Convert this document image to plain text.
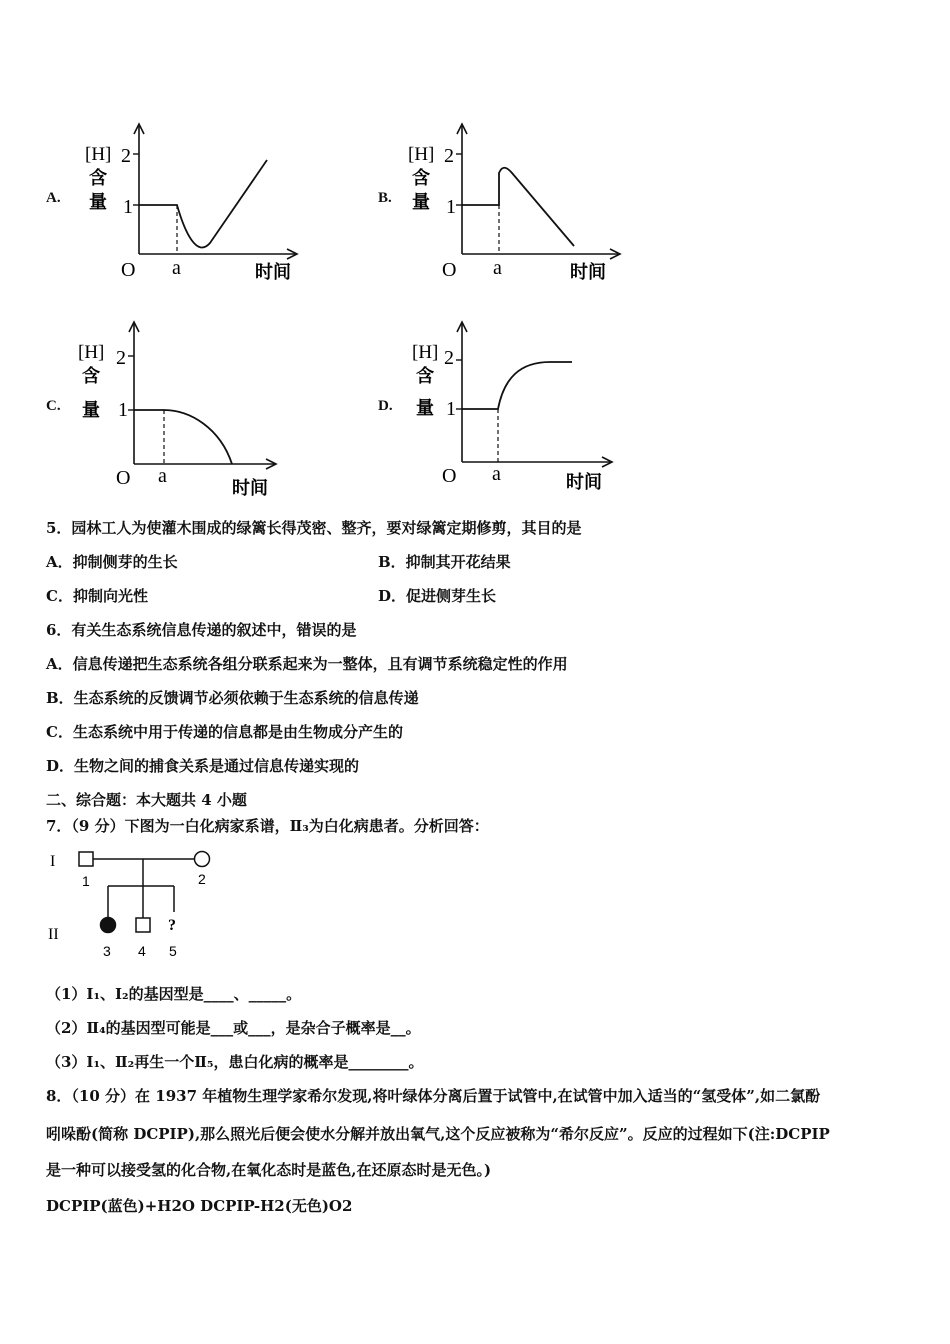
A.
[H]
含
量
2
1
O a	时间
B.
[H]
含
量
2
1
O a	时间
C.
[H]
含
量
2
1
O a
时间
D.
[H]
含
量
2
1
O a	时间
5．园林工人为使灌木围成的绿篱长得茂密、整齐，要对绿篱定期修剪，其目的是
A．抑制侧芽的生长	B．抑制其开花结果
C．抑制向光性	D．促进侧芽生长
6．有关生态系统信息传递的叙述中，错误的是
A．信息传递把生态系统各组分联系起来为一整体，且有调节系统稳定性的作用
B．生态系统的反馈调节必须依赖于生态系统的信息传递
C．生态系统中用于传递的信息都是由生物成分产生的
D．生物之间的捕食关系是通过信息传递实现的
二、综合题：本大题共 4 小题
7．（9 分）下图为一白化病家系谱，Ⅱ₃为白化病患者。分析回答：
I
II
?
1	2
3 4 5
（1）Ⅰ₁、Ⅰ₂的基因型是____、_____。
（2）Ⅱ₄的基因型可能是___或___，是杂合子概率是__。
（3）Ⅰ₁、Ⅱ₂再生一个Ⅱ₅，患白化病的概率是________。
8．（10 分）在 1937 年植物生理学家希尔发现,将叶绿体分离后置于试管中,在试管中加入适当的“氢受体”,如二氯酚
吲哚酚(简称 DCPIP),那么照光后便会使水分解并放出氧气,这个反应被称为“希尔反应”。反应的过程如下(注:DCPIP
是一种可以接受氢的化合物,在氧化态时是蓝色,在还原态时是无色。)
DCPIP(蓝色)+H2O DCPIP-H2(无色)O2
